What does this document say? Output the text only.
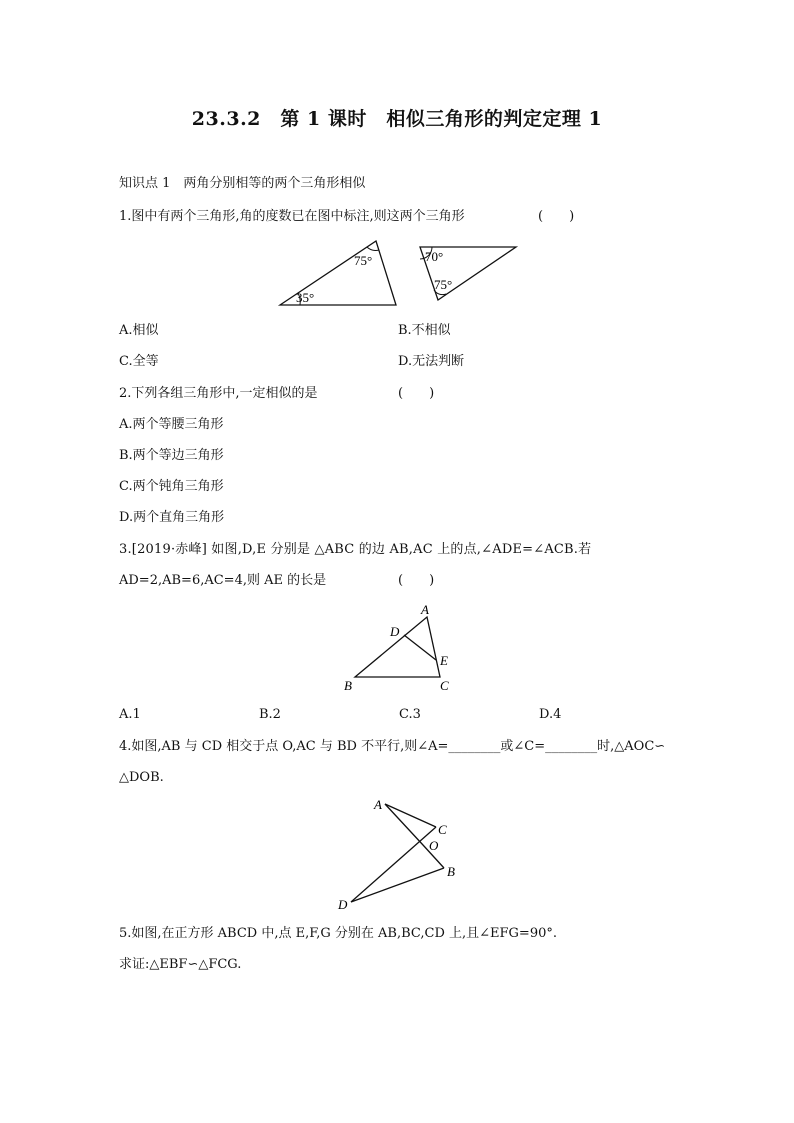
23.3.2　第 1 课时　相似三角形的判定定理 1
知识点 1　两角分别相等的两个三角形相似
1.图中有两个三角形,角的度数已在图中标注,则这两个三角形	(　　)
75°
35°
70°
75°
A.相似	B.不相似
C.全等	D.无法判断
2.下列各组三角形中,一定相似的是	(　　)
A.两个等腰三角形
B.两个等边三角形
C.两个钝角三角形
D.两个直角三角形
3.[2019·赤峰] 如图,D,E 分别是 △ABC 的边 AB,AC 上的点,∠ADE=∠ACB.若
AD=2,AB=6,AC=4,则 AE 的长是	(　　)
A
D
E
B	C
A.1	B.2	C.3	D.4
4.如图,AB 与 CD 相交于点 O,AC 与 BD 不平行,则∠A=________或∠C=________时,△AOC∽
△DOB.
A
C
O
B
D
5.如图,在正方形 ABCD 中,点 E,F,G 分别在 AB,BC,CD 上,且∠EFG=90°.
求证:△EBF∽△FCG.
